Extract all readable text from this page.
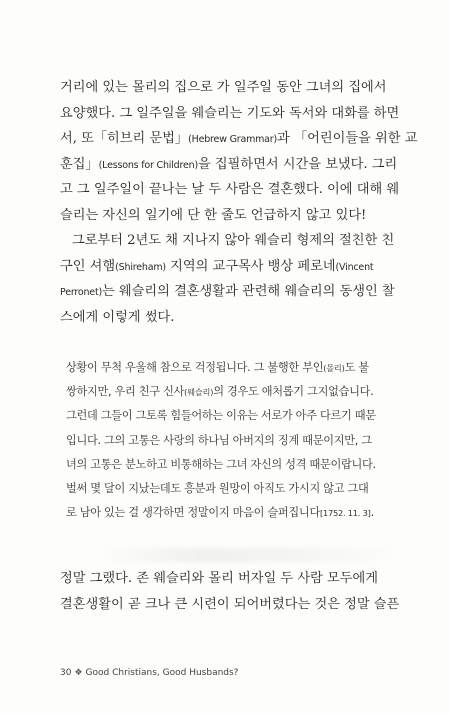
거리에 있는 몰리의 집으로 가 일주일 동안 그녀의 집에서
요양했다. 그 일주일을 웨슬리는 기도와 독서와 대화를 하면
서, 또「히브리 문법」(Hebrew Grammar)과 「어린이들을 위한 교
훈집」(Lessons for Children)을 집필하면서 시간을 보냈다. 그리
고 그 일주일이 끝나는 날 두 사람은 결혼했다. 이에 대해 웨
슬리는 자신의 일기에 단 한 줄도 언급하지 않고 있다!
그로부터 2년도 채 지나지 않아 웨슬리 형제의 절친한 친
구인 셔햄(Shireham) 지역의 교구목사 뱅상 페로네(Vincent
Perronet)는 웨슬리의 결혼생활과 관련해 웨슬리의 동생인 찰
스에게 이렇게 썼다.
상황이 무척 우울해 참으로 걱정됩니다. 그 불행한 부인(몰리)도 불
쌍하지만, 우리 친구 신사(웨슬리)의 경우도 애처롭기 그지없습니다.
그런데 그들이 그토록 힘들어하는 이유는 서로가 아주 다르기 때문
입니다. 그의 고통은 사랑의 하나님 아버지의 징계 때문이지만, 그
녀의 고통은 분노하고 비통해하는 그녀 자신의 성격 때문이랍니다.
벌써 몇 달이 지났는데도 흥분과 원망이 아직도 가시지 않고 그대
로 남아 있는 걸 생각하면 정말이지 마음이 슬퍼집니다[1752. 11. 3].
정말 그랬다. 존 웨슬리와 몰리 버자일 두 사람 모두에게
결혼생활이 곧 크나 큰 시련이 되어버렸다는 것은 정말 슬픈
30 ❖ Good Christians, Good Husbands?
